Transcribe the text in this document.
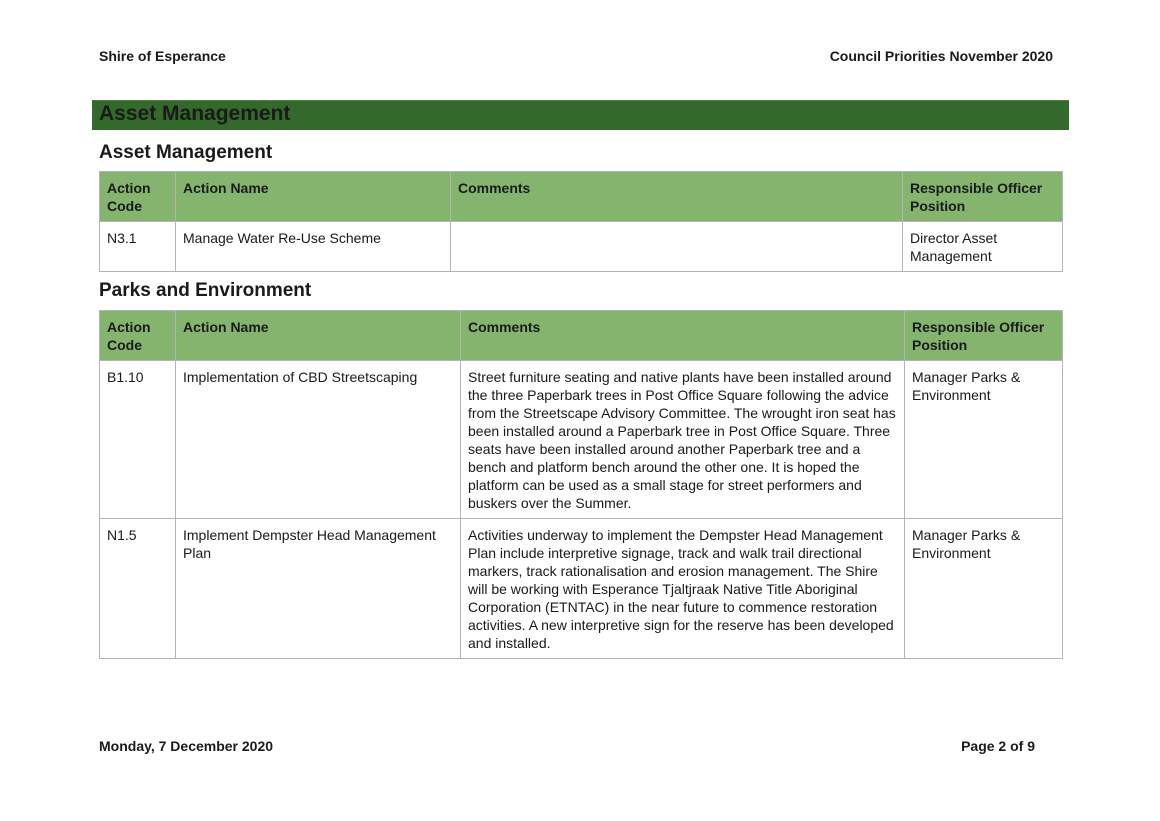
Shire of Esperance	Council Priorities November 2020
Asset Management
Asset Management
Action Code	Action Name	Comments	Responsible Officer Position
N3.1	Manage Water Re-Use Scheme		Director Asset Management
Parks and Environment
Action Code	Action Name	Comments	Responsible Officer Position
B1.10	Implementation of CBD Streetscaping	Street furniture seating and native plants have been installed around the three Paperbark trees in Post Office Square following the advice from the Streetscape Advisory Committee. The wrought iron seat has been installed around a Paperbark tree in Post Office Square. Three seats have been installed around another Paperbark tree and a bench and platform bench around the other one. It is hoped the platform can be used as a small stage for street performers and buskers over the Summer.	Manager Parks & Environment
N1.5	Implement Dempster Head Management Plan	Activities underway to implement the Dempster Head Management Plan include interpretive signage, track and walk trail directional markers, track rationalisation and erosion management. The Shire will be working with Esperance Tjaltjraak Native Title Aboriginal Corporation (ETNTAC) in the near future to commence restoration activities. A new interpretive sign for the reserve has been developed and installed.	Manager Parks & Environment
Monday, 7 December 2020	Page 2 of 9
